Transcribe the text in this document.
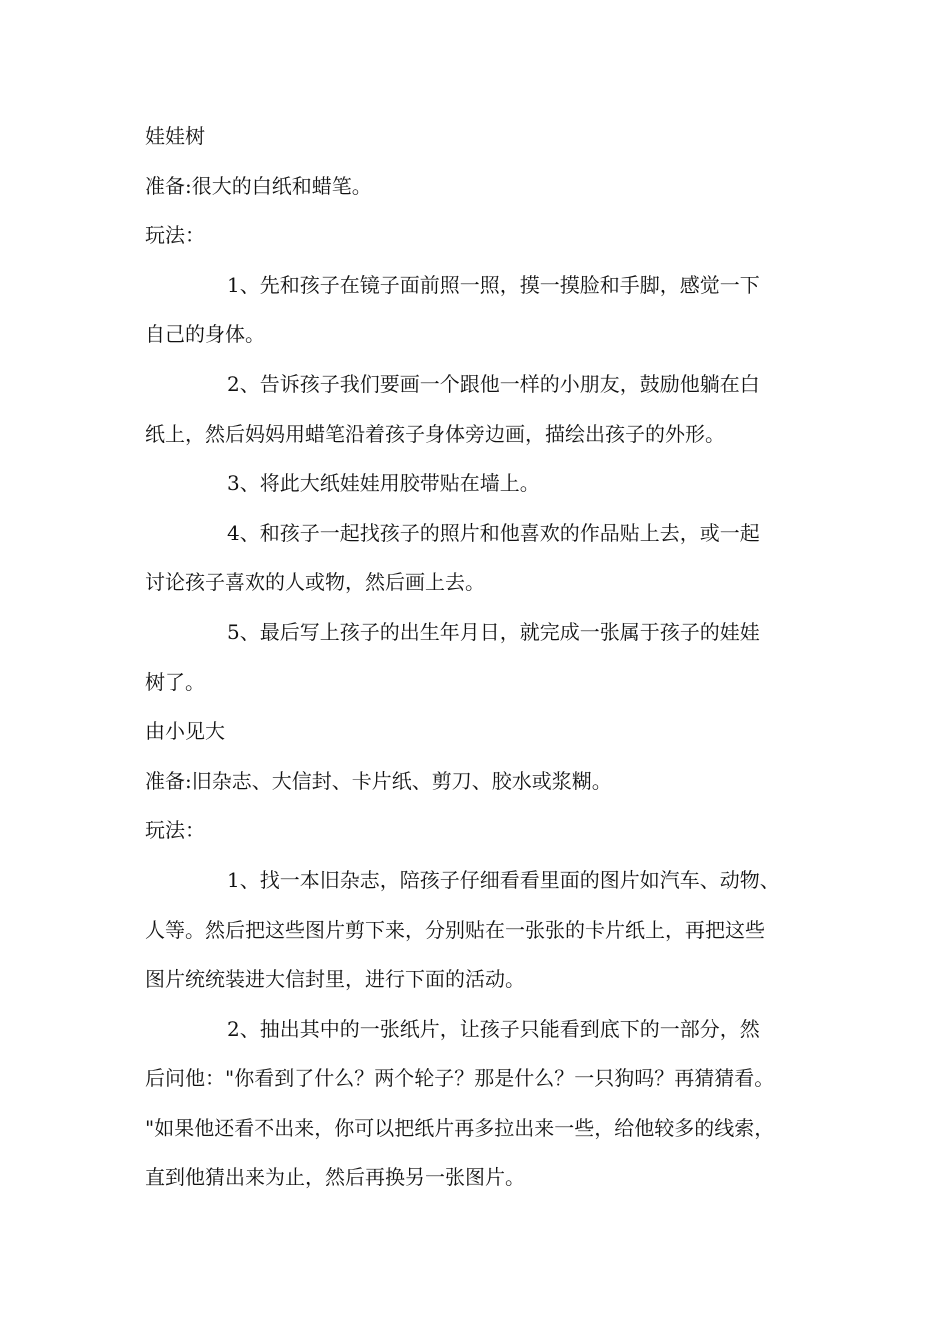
娃娃树
准备:很大的白纸和蜡笔。
玩法：
1、先和孩子在镜子面前照一照，摸一摸脸和手脚，感觉一下
自己的身体。
2、告诉孩子我们要画一个跟他一样的小朋友，鼓励他躺在白
纸上，然后妈妈用蜡笔沿着孩子身体旁边画，描绘出孩子的外形。
3、将此大纸娃娃用胶带贴在墙上。
4、和孩子一起找孩子的照片和他喜欢的作品贴上去，或一起
讨论孩子喜欢的人或物，然后画上去。
5、最后写上孩子的出生年月日，就完成一张属于孩子的娃娃
树了。
由小见大
准备:旧杂志、大信封、卡片纸、剪刀、胶水或浆糊。
玩法：
1、找一本旧杂志，陪孩子仔细看看里面的图片如汽车、动物、
人等。然后把这些图片剪下来，分别贴在一张张的卡片纸上，再把这些
图片统统装进大信封里，进行下面的活动。
2、抽出其中的一张纸片，让孩子只能看到底下的一部分，然
后问他："你看到了什么？两个轮子？那是什么？一只狗吗？再猜猜看。
"如果他还看不出来，你可以把纸片再多拉出来一些，给他较多的线索，
直到他猜出来为止，然后再换另一张图片。
